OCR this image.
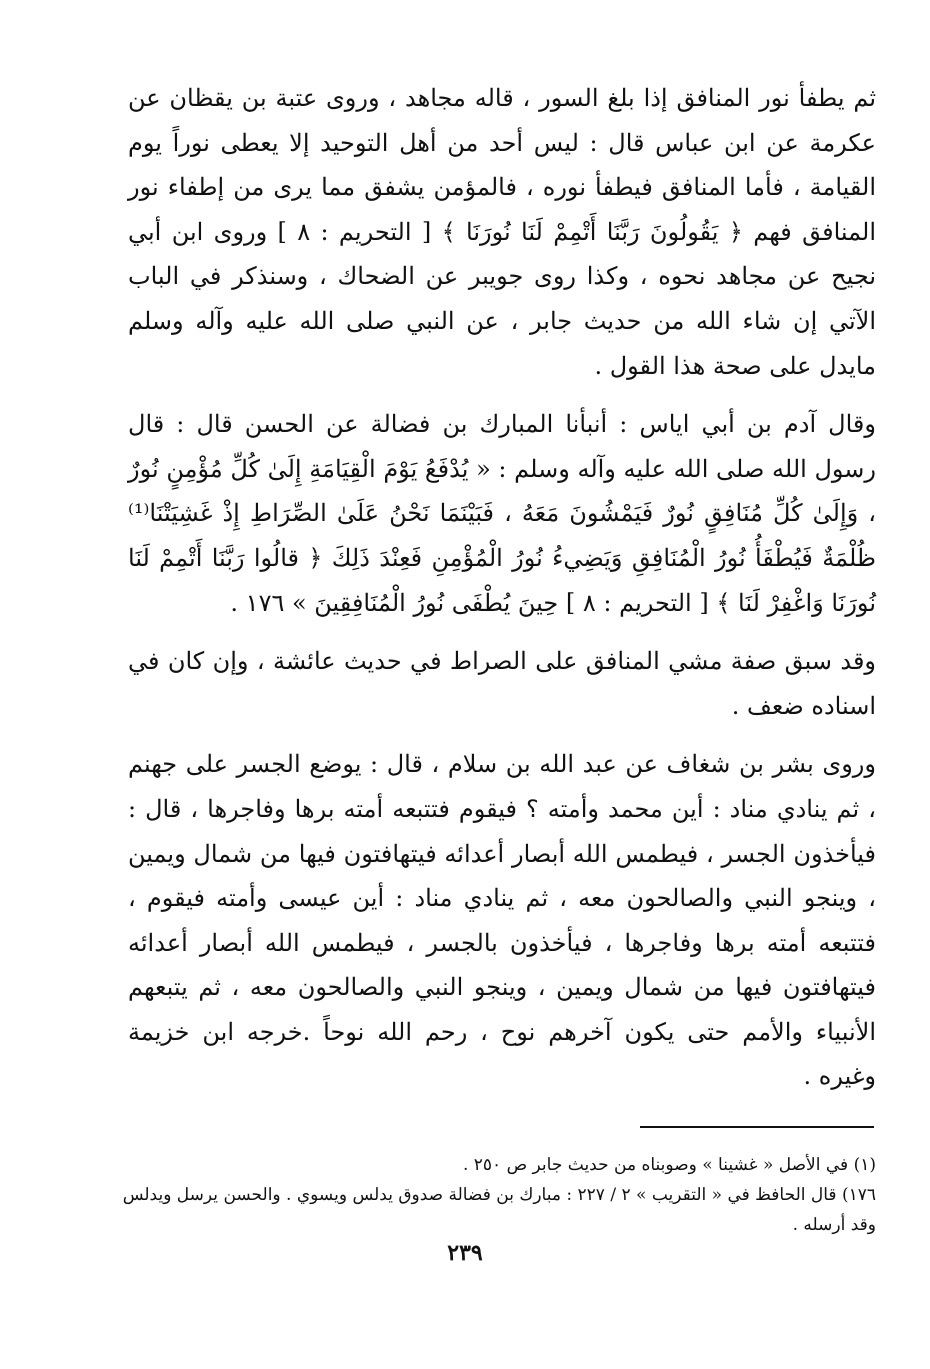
ثم يطفأ نور المنافق إذا بلغ السور ، قاله مجاهد ، وروى عتبة بن يقظان عن عكرمة عن ابن عباس قال : ليس أحد من أهل التوحيد إلا يعطى نوراً يوم القيامة ، فأما المنافق فيطفأ نوره ، فالمؤمن يشفق مما يرى من إطفاء نور المنافق فهم ﴿ يَقُولُونَ رَبَّنَا أَتْمِمْ لَنَا نُورَنَا ﴾ [ التحريم : ٨ ] وروى ابن أبي نجيح عن مجاهد نحوه ، وكذا روى جويبر عن الضحاك ، وسنذكر في الباب الآتي إن شاء الله من حديث جابر ، عن النبي صلى الله عليه وآله وسلم مايدل على صحة هذا القول .

وقال آدم بن أبي اياس : أنبأنا المبارك بن فضالة عن الحسن قال : قال رسول الله صلى الله عليه وآله وسلم : « يُدْفَعُ يَوْمَ الْقِيَامَةِ إِلَىٰ كُلِّ مُؤْمِنٍ نُورٌ ، وَإِلَىٰ كُلِّ مُنَافِقٍ نُورٌ فَيَمْشُونَ مَعَهُ ، فَبَيْنَمَا نَحْنُ عَلَىٰ الصِّرَاطِ إِذْ غَشِيَتْنَا⁽¹⁾ ظُلْمَةٌ فَيُطْفَأُ نُورُ الْمُنَافِقِ وَيَضِيءُ نُورُ الْمُؤْمِنِ فَعِنْدَ ذَلِكَ ﴿ قالُوا رَبَّنَا أَتْمِمْ لَنَا نُورَنَا وَاغْفِرْ لَنَا ﴾ [ التحريم : ٨ ] حِينَ يُطْفَى نُورُ الْمُنَافِقِينَ » ١٧٦ .

وقد سبق صفة مشي المنافق على الصراط في حديث عائشة ، وإن كان في اسناده ضعف .

وروى بشر بن شغاف عن عبد الله بن سلام ، قال : يوضع الجسر على جهنم ، ثم ينادي مناد : أين محمد وأمته ؟ فيقوم فتتبعه أمته برها وفاجرها ، قال : فيأخذون الجسر ، فيطمس الله أبصار أعدائه فيتهافتون فيها من شمال ويمين ، وينجو النبي والصالحون معه ، ثم ينادي مناد : أين عيسى وأمته فيقوم ، فتتبعه أمته برها وفاجرها ، فيأخذون بالجسر ، فيطمس الله أبصار أعدائه فيتهافتون فيها من شمال ويمين ، وينجو النبي والصالحون معه ، ثم يتبعهم الأنبياء والأمم حتى يكون آخرهم نوح ، رحم الله نوحاً .خرجه ابن خزيمة وغيره .

(١) في الأصل « غشينا » وصوبناه من حديث جابر ص ٢٥٠ .

١٧٦) قال الحافظ في « التقريب » ٢ / ٢٢٧ : مبارك بن فضالة صدوق يدلس ويسوي . والحسن يرسل ويدلس وقد أرسله .

٢٣٩
